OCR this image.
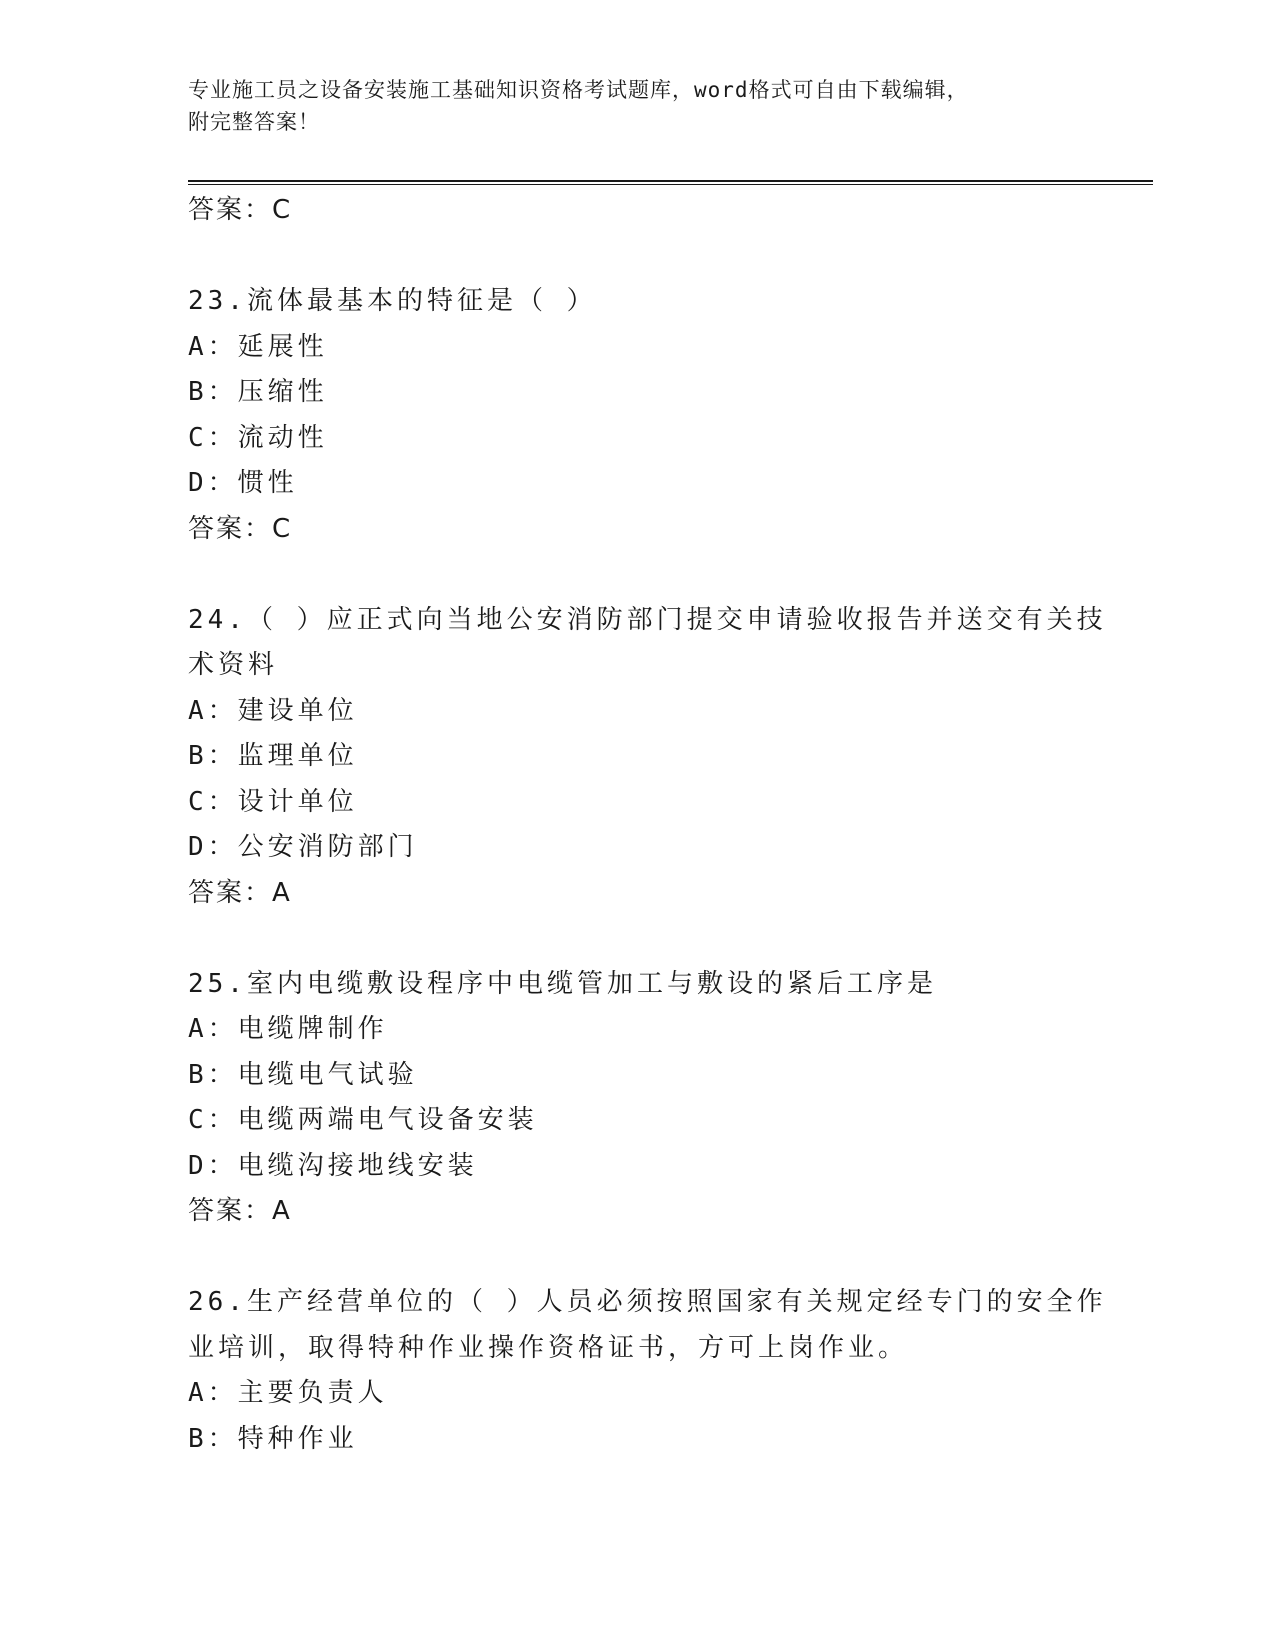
专业施工员之设备安装施工基础知识资格考试题库，word格式可自由下载编辑，
附完整答案！
答案：C
23.流体最基本的特征是（ ）
A：延展性
B：压缩性
C：流动性
D：惯性
答案：C
24.（ ）应正式向当地公安消防部门提交申请验收报告并送交有关技
术资料
A：建设单位
B：监理单位
C：设计单位
D：公安消防部门
答案：A
25.室内电缆敷设程序中电缆管加工与敷设的紧后工序是
A：电缆牌制作
B：电缆电气试验
C：电缆两端电气设备安装
D：电缆沟接地线安装
答案：A
26.生产经营单位的（ ）人员必须按照国家有关规定经专门的安全作
业培训，取得特种作业操作资格证书，方可上岗作业。
A：主要负责人
B：特种作业
